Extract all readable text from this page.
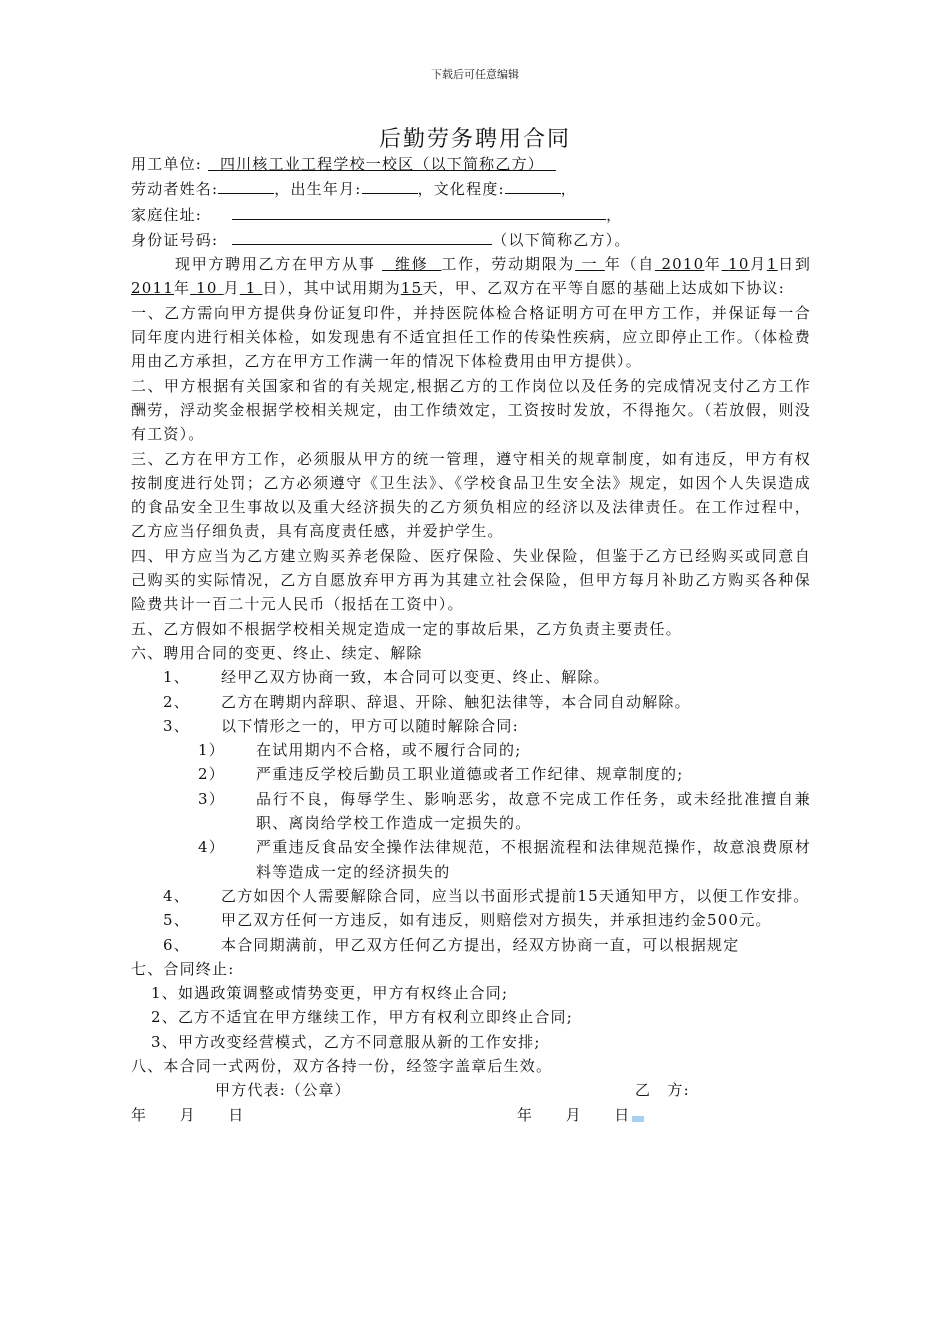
下载后可任意编辑
后勤劳务聘用合同
用工单位: 四川核工业工程学校一校区（以下简称乙方）
劳动者姓名:	，出生年月:	，文化程度:	，
家庭住址:	，
身份证号码:	（以下简称乙方）。

现甲方聘用乙方在甲方从事 维修 工作，劳动期限为 一 年（自 2010年 10月1日到2011年 10 月 1 日），其中试用期为15天，甲、乙双方在平等自愿的基础上达成如下协议:

一、乙方需向甲方提供身份证复印件，并持医院体检合格证明方可在甲方工作，并保证每一合同年度内进行相关体检，如发现患有不适宜担任工作的传染性疾病，应立即停止工作。（体检费用由乙方承担，乙方在甲方工作满一年的情况下体检费用由甲方提供）。

二、甲方根据有关国家和省的有关规定,根据乙方的工作岗位以及任务的完成情况支付乙方工作酬劳，浮动奖金根据学校相关规定，由工作绩效定，工资按时发放，不得拖欠。（若放假，则没有工资）。

三、乙方在甲方工作，必须服从甲方的统一管理，遵守相关的规章制度，如有违反，甲方有权按制度进行处罚；乙方必须遵守《卫生法》、《学校食品卫生安全法》规定，如因个人失误造成的食品安全卫生事故以及重大经济损失的乙方须负相应的经济以及法律责任。在工作过程中，乙方应当仔细负责，具有高度责任感，并爱护学生。

四、甲方应当为乙方建立购买养老保险、医疗保险、失业保险，但鉴于乙方已经购买或同意自己购买的实际情况，乙方自愿放弃甲方再为其建立社会保险，但甲方每月补助乙方购买各种保险费共计一百二十元人民币（报括在工资中）。

五、乙方假如不根据学校相关规定造成一定的事故后果，乙方负责主要责任。

六、聘用合同的变更、终止、续定、解除

1、	经甲乙双方协商一致，本合同可以变更、终止、解除。
2、	乙方在聘期内辞职、辞退、开除、触犯法律等，本合同自动解除。
3、	以下情形之一的，甲方可以随时解除合同:
1）	在试用期内不合格，或不履行合同的;
2）	严重违反学校后勤员工职业道德或者工作纪律、规章制度的;
3）	品行不良，侮辱学生、影响恶劣，故意不完成工作任务，或未经批准擅自兼职、离岗给学校工作造成一定损失的。
4）	严重违反食品安全操作法律规范，不根据流程和法律规范操作，故意浪费原材料等造成一定的经济损失的
4、	乙方如因个人需要解除合同，应当以书面形式提前15天通知甲方，以便工作安排。
5、	甲乙双方任何一方违反，如有违反，则赔偿对方损失，并承担违约金500元。
6、	本合同期满前，甲乙双方任何乙方提出，经双方协商一直，可以根据规定

七、合同终止:

1、如遇政策调整或情势变更，甲方有权终止合同;

2、乙方不适宜在甲方继续工作，甲方有权利立即终止合同;

3、甲方改变经营模式，乙方不同意服从新的工作安排;

八、本合同一式两份，双方各持一份，经签字盖章后生效。

甲方代表:（公章）	乙　方:
年　　月　　日	年　　月　　日
